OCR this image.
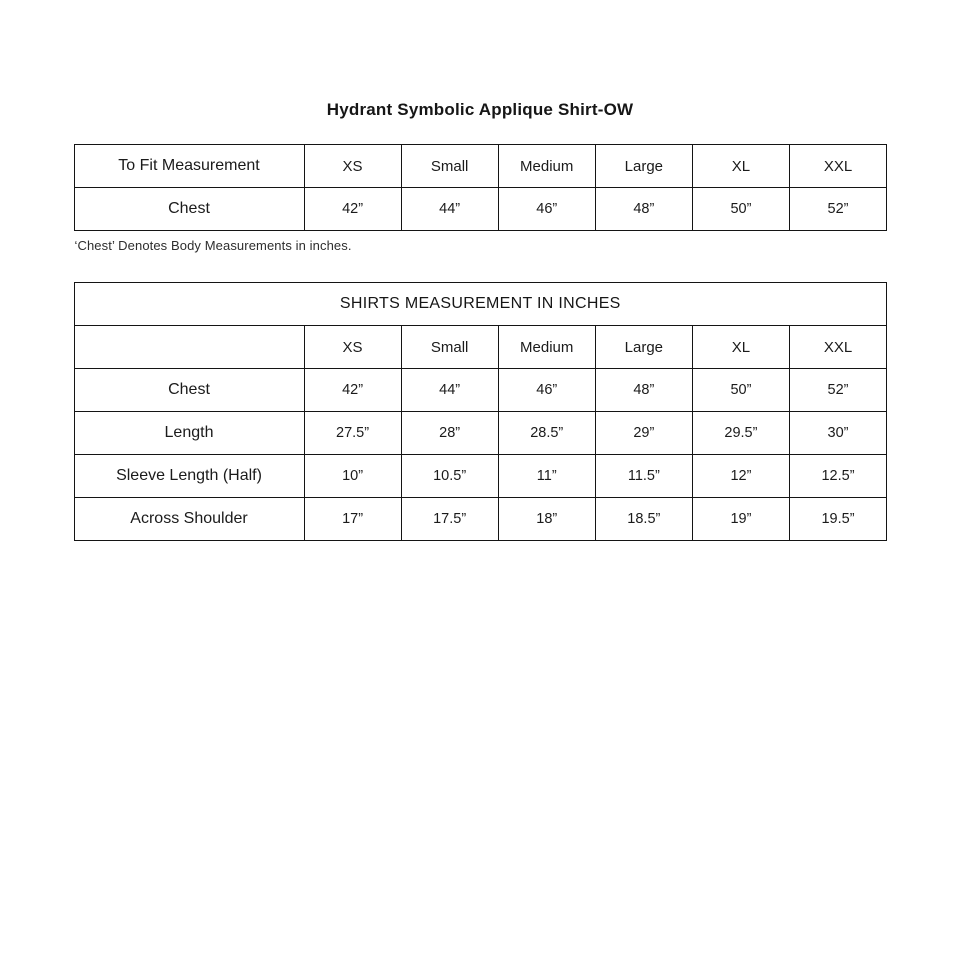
Hydrant Symbolic Applique Shirt-OW
To Fit Measurement	XS	Small	Medium	Large	XL	XXL
Chest	42”	44”	46”	48”	50”	52”

‘Chest’ Denotes Body Measurements in inches.

SHIRTS MEASUREMENT IN INCHES						
	XS	Small	Medium	Large	XL	XXL
Chest	42”	44”	46”	48”	50”	52”
Length	27.5”	28”	28.5”	29”	29.5”	30”
Sleeve Length (Half)	10”	10.5”	11”	11.5”	12”	12.5”
Across Shoulder	17”	17.5”	18”	18.5”	19”	19.5”
